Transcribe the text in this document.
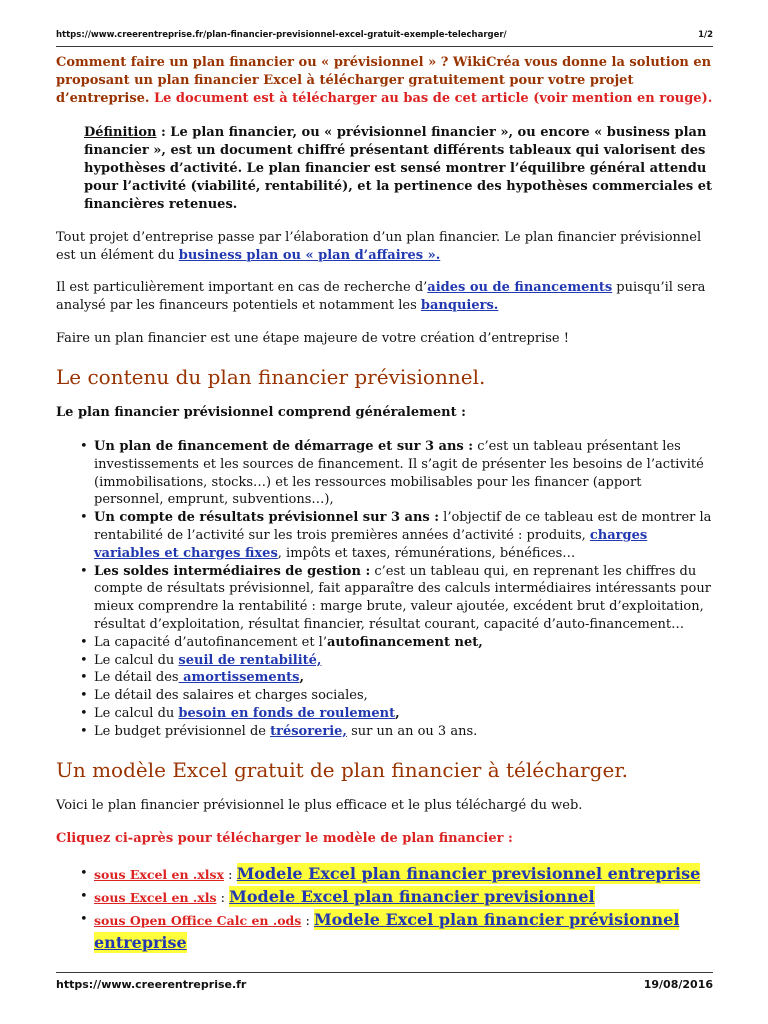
https://www.creerentreprise.fr/plan-financier-previsionnel-excel-gratuit-exemple-telecharger/	1/2

Comment faire un plan financier ou « prévisionnel » ? WikiCréa vous donne la solution en proposant un plan financier Excel à télécharger gratuitement pour votre projet d’entreprise. Le document est à télécharger au bas de cet article (voir mention en rouge).

Définition : Le plan financier, ou « prévisionnel financier », ou encore « business plan financier », est un document chiffré présentant différents tableaux qui valorisent des hypothèses d’activité. Le plan financier est sensé montrer l’équilibre général attendu pour l’activité (viabilité, rentabilité), et la pertinence des hypothèses commerciales et financières retenues.

Tout projet d’entreprise passe par l’élaboration d’un plan financier. Le plan financier prévisionnel est un élément du business plan ou « plan d’affaires ».

Il est particulièrement important en cas de recherche d’aides ou de financements puisqu’il sera analysé par les financeurs potentiels et notamment les banquiers.

Faire un plan financier est une étape majeure de votre création d’entreprise !

Le contenu du plan financier prévisionnel.

Le plan financier prévisionnel comprend généralement :

• Un plan de financement de démarrage et sur 3 ans : c’est un tableau présentant les investissements et les sources de financement. Il s’agit de présenter les besoins de l’activité (immobilisations, stocks…) et les ressources mobilisables pour les financer (apport personnel, emprunt, subventions…),
• Un compte de résultats prévisionnel sur 3 ans : l’objectif de ce tableau est de montrer la rentabilité de l’activité sur les trois premières années d’activité : produits, charges variables et charges fixes, impôts et taxes, rémunérations, bénéfices…
• Les soldes intermédiaires de gestion : c’est un tableau qui, en reprenant les chiffres du compte de résultats prévisionnel, fait apparaître des calculs intermédiaires intéressants pour mieux comprendre la rentabilité : marge brute, valeur ajoutée, excédent brut d’exploitation, résultat d’exploitation, résultat financier, résultat courant, capacité d’auto-financement…
• La capacité d’autofinancement et l’autofinancement net,
• Le calcul du seuil de rentabilité,
• Le détail des amortissements,
• Le détail des salaires et charges sociales,
• Le calcul du besoin en fonds de roulement,
• Le budget prévisionnel de trésorerie, sur un an ou 3 ans.
Un modèle Excel gratuit de plan financier à télécharger.

Voici le plan financier prévisionnel le plus efficace et le plus téléchargé du web.

Cliquez ci-après pour télécharger le modèle de plan financier :

• sous Excel en .xlsx : Modele Excel plan financier previsionnel entreprise
• sous Excel en .xls : Modele Excel plan financier previsionnel
• sous Open Office Calc en .ods : Modele Excel plan financier prévisionnel entreprise
https://www.creerentreprise.fr	19/08/2016
